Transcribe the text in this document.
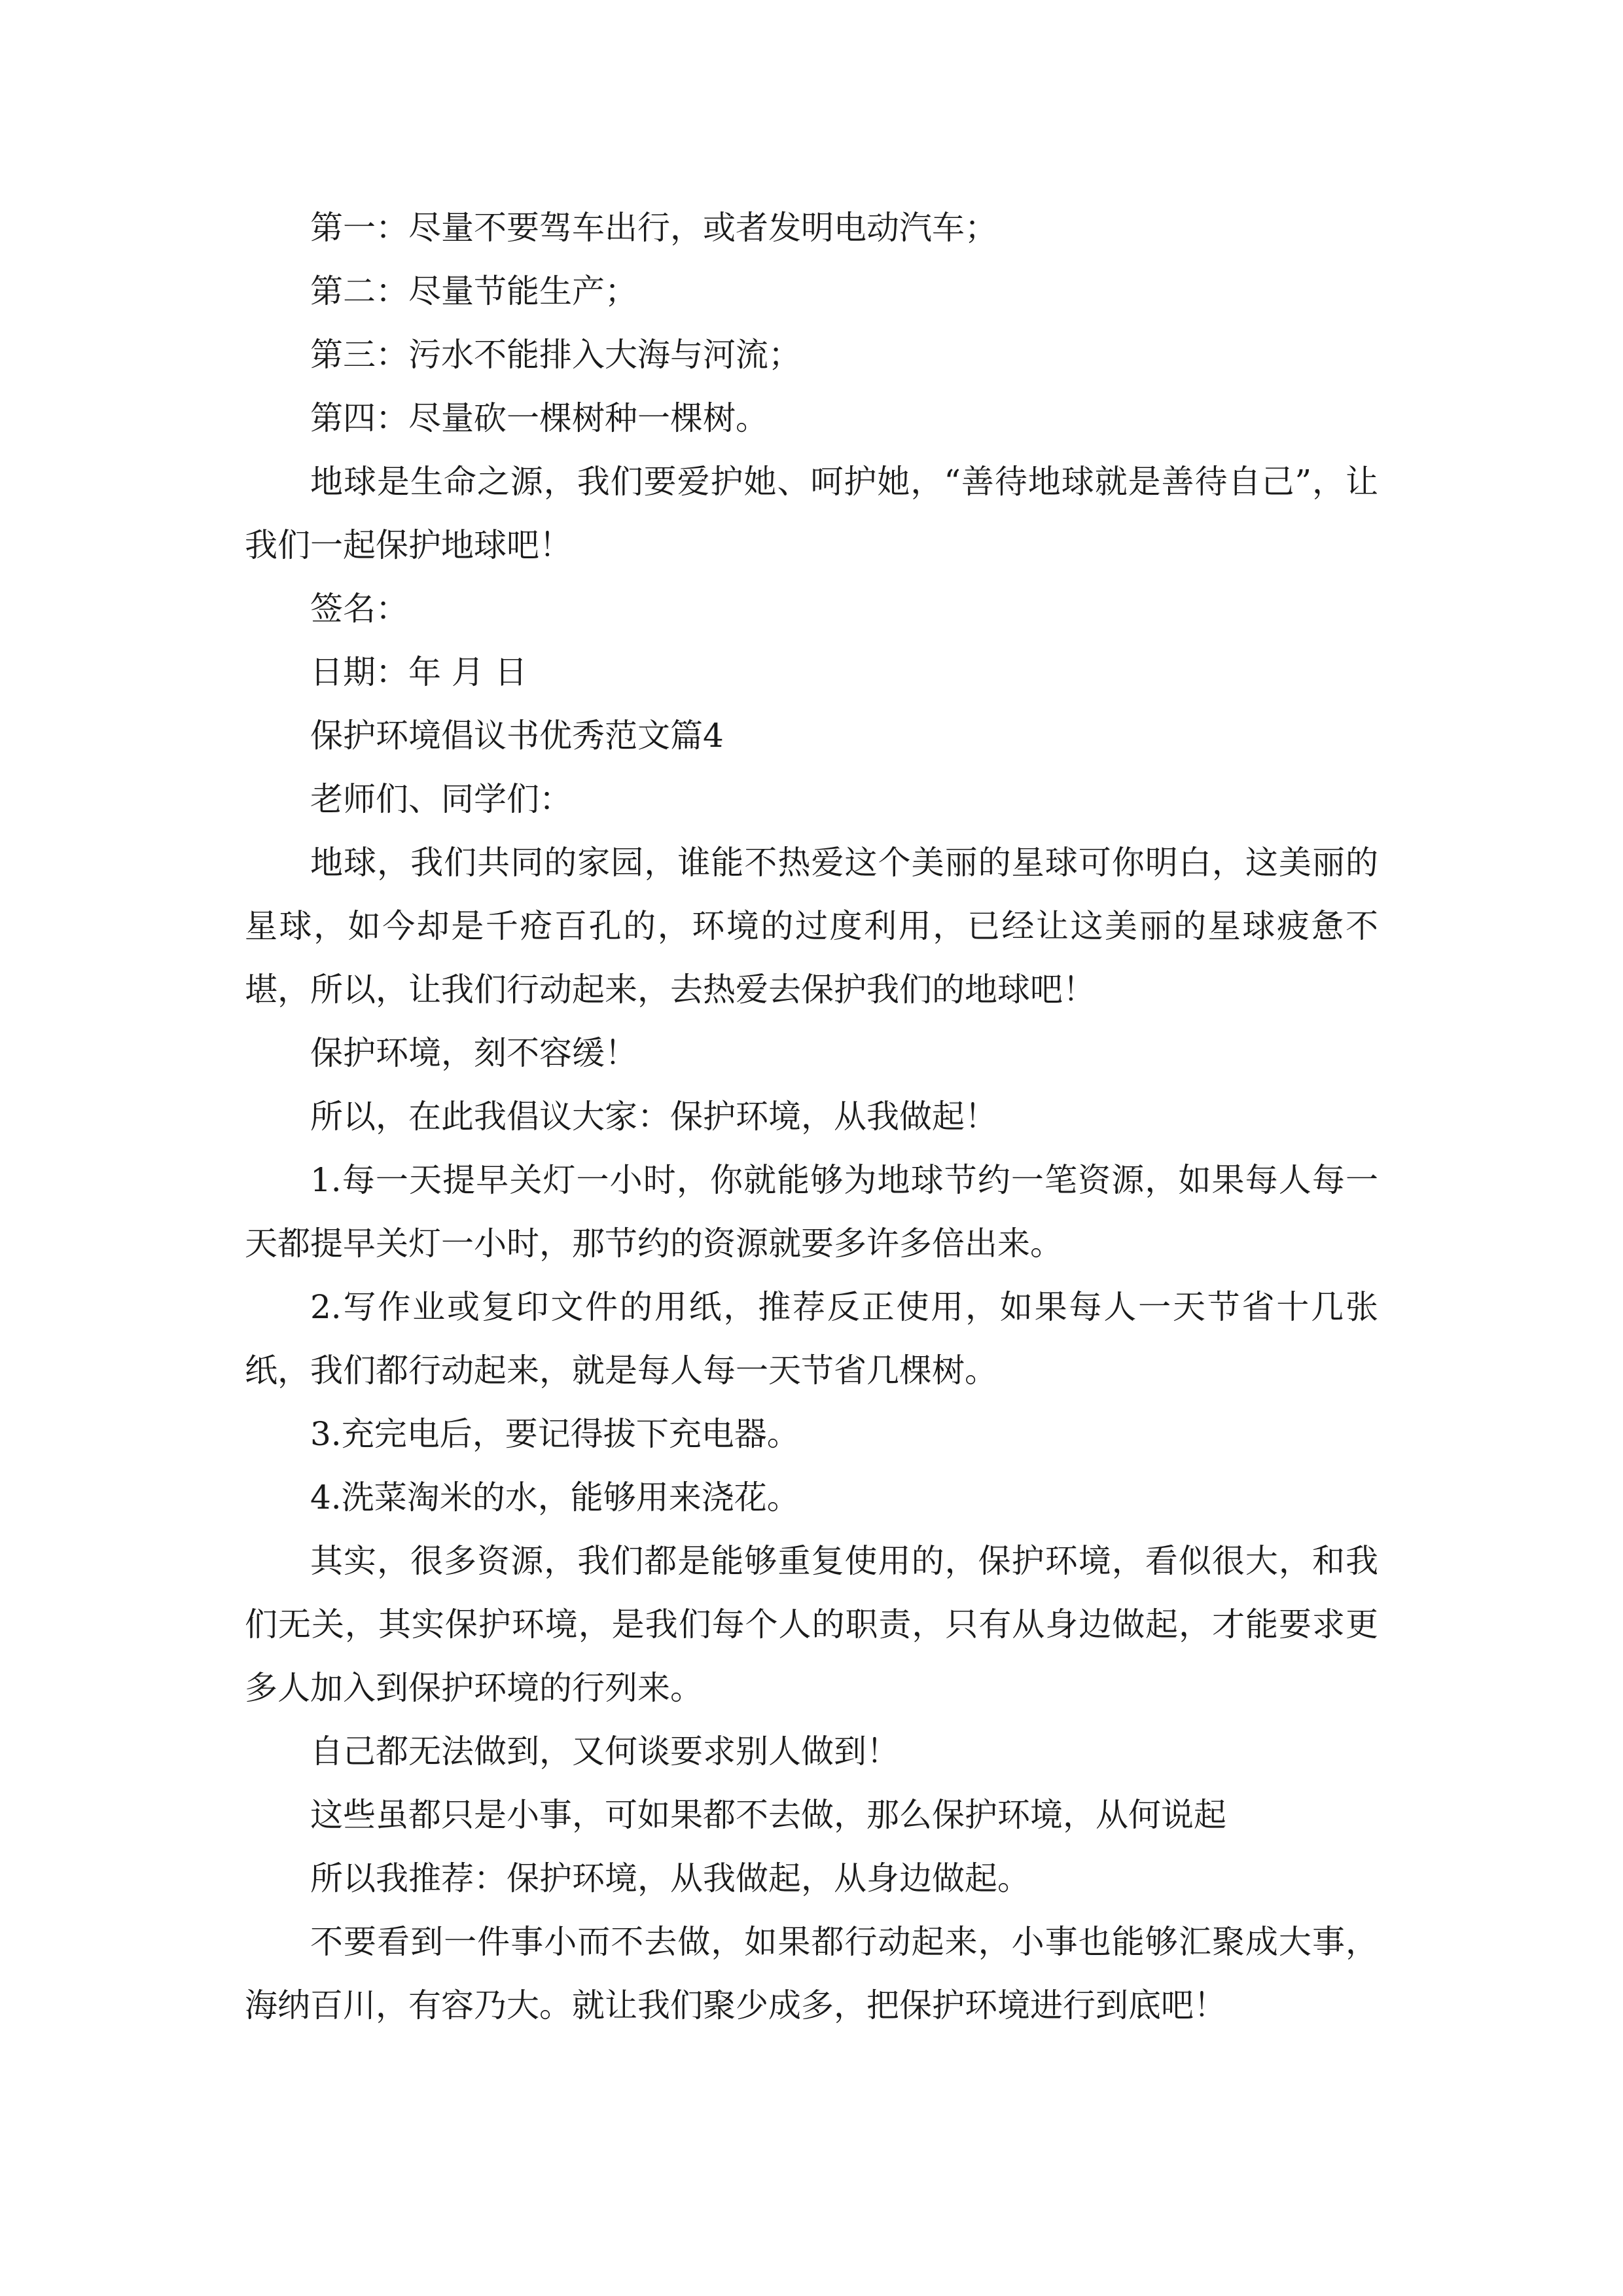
第一：尽量不要驾车出行，或者发明电动汽车；

第二：尽量节能生产；

第三：污水不能排入大海与河流；

第四：尽量砍一棵树种一棵树。

地球是生命之源，我们要爱护她、呵护她，“善待地球就是善待自己”，让我们一起保护地球吧！

签名：

日期：年 月 日

保护环境倡议书优秀范文篇4

老师们、同学们：

地球，我们共同的家园，谁能不热爱这个美丽的星球可你明白，这美丽的星球，如今却是千疮百孔的，环境的过度利用，已经让这美丽的星球疲惫不堪，所以，让我们行动起来，去热爱去保护我们的地球吧！

保护环境，刻不容缓！

所以，在此我倡议大家：保护环境，从我做起！

1.每一天提早关灯一小时，你就能够为地球节约一笔资源，如果每人每一天都提早关灯一小时，那节约的资源就要多许多倍出来。

2.写作业或复印文件的用纸，推荐反正使用，如果每人一天节省十几张纸，我们都行动起来，就是每人每一天节省几棵树。

3.充完电后，要记得拔下充电器。

4.洗菜淘米的水，能够用来浇花。

其实，很多资源，我们都是能够重复使用的，保护环境，看似很大，和我们无关，其实保护环境，是我们每个人的职责，只有从身边做起，才能要求更多人加入到保护环境的行列来。

自己都无法做到，又何谈要求别人做到！

这些虽都只是小事，可如果都不去做，那么保护环境，从何说起

所以我推荐：保护环境，从我做起，从身边做起。

不要看到一件事小而不去做，如果都行动起来，小事也能够汇聚成大事，海纳百川，有容乃大。就让我们聚少成多，把保护环境进行到底吧！
